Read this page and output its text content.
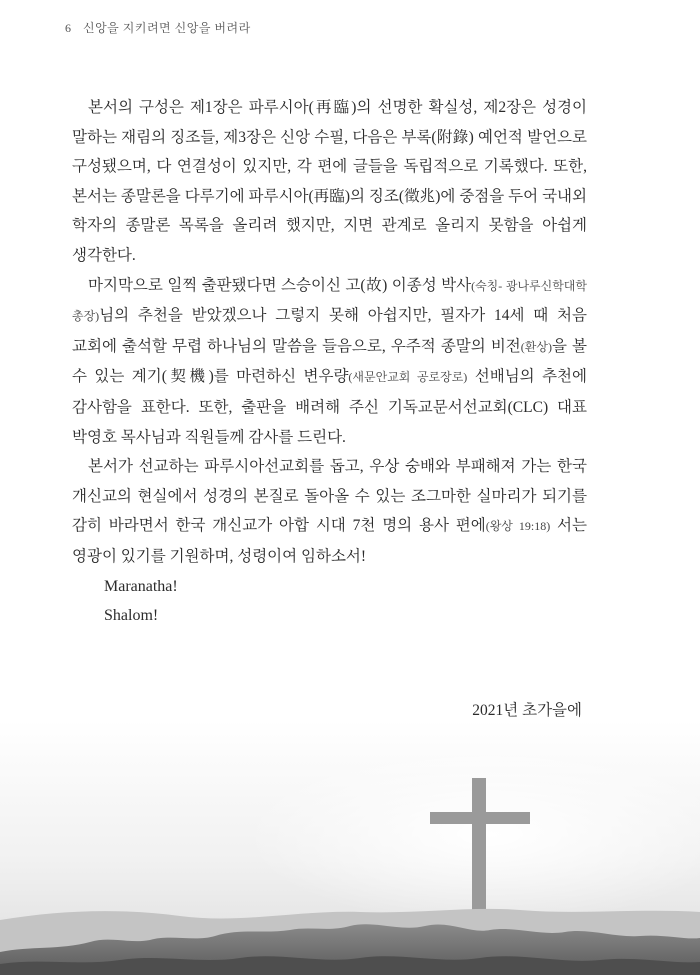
6 신앙을 지키려면 신앙을 버려라

본서의 구성은 제1장은 파루시아(再臨)의 선명한 확실성, 제2장은 성경이 말하는 재림의 징조들, 제3장은 신앙 수필, 다음은 부록(附錄) 예언적 발언으로 구성됐으며, 다 연결성이 있지만, 각 편에 글들을 독립적으로 기록했다. 또한, 본서는 종말론을 다루기에 파루시아(再臨)의 징조(徵兆)에 중점을 두어 국내외 학자의 종말론 목록을 올리려 했지만, 지면 관계로 올리지 못함을 아쉽게 생각한다.

마지막으로 일찍 출판됐다면 스승이신 고(故) 이종성 박사(숙칭- 광나루신학대학 총장)님의 추천을 받았겠으나 그렇지 못해 아쉽지만, 필자가 14세 때 처음 교회에 출석할 무렵 하나님의 말씀을 들음으로, 우주적 종말의 비전(환상)을 볼 수 있는 계기(契機)를 마련하신 변우량(새문안교회 공로장로) 선배님의 추천에 감사함을 표한다. 또한, 출판을 배려해 주신 기독교문서선교회(CLC) 대표 박영호 목사님과 직원들께 감사를 드린다.

본서가 선교하는 파루시아선교회를 돕고, 우상 숭배와 부패해져 가는 한국 개신교의 현실에서 성경의 본질로 돌아올 수 있는 조그마한 실마리가 되기를 감히 바라면서 한국 개신교가 아합 시대 7천 명의 용사 편에(왕상 19:18) 서는 영광이 있기를 기원하며, 성령이여 임하소서!

Maranatha!

Shalom!

2021년 초가을에
